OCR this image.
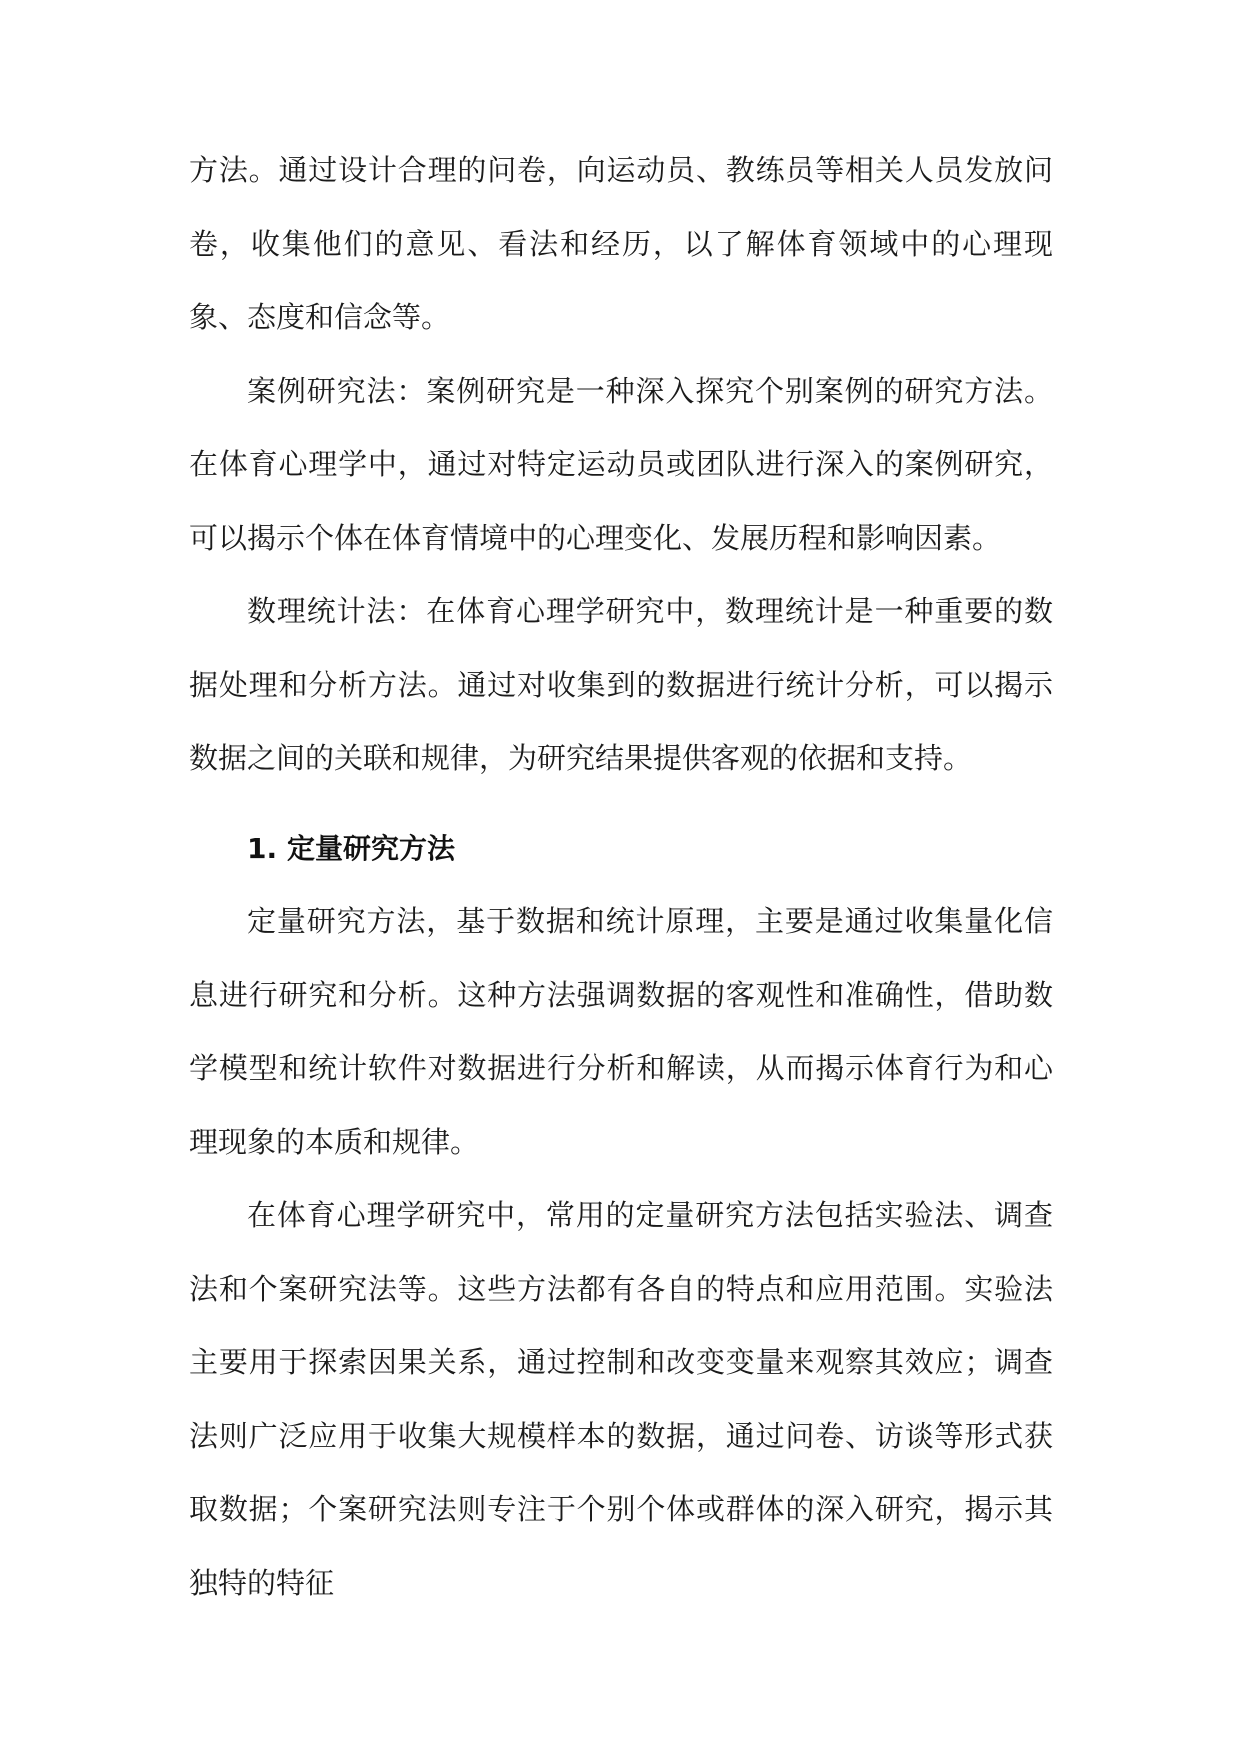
方法。通过设计合理的问卷，向运动员、教练员等相关人员发放问卷，收集他们的意见、看法和经历，以了解体育领域中的心理现象、态度和信念等。

案例研究法：案例研究是一种深入探究个别案例的研究方法。在体育心理学中，通过对特定运动员或团队进行深入的案例研究，可以揭示个体在体育情境中的心理变化、发展历程和影响因素。

数理统计法：在体育心理学研究中，数理统计是一种重要的数据处理和分析方法。通过对收集到的数据进行统计分析，可以揭示数据之间的关联和规律，为研究结果提供客观的依据和支持。

1. 定量研究方法

定量研究方法，基于数据和统计原理，主要是通过收集量化信息进行研究和分析。这种方法强调数据的客观性和准确性，借助数学模型和统计软件对数据进行分析和解读，从而揭示体育行为和心理现象的本质和规律。

在体育心理学研究中，常用的定量研究方法包括实验法、调查法和个案研究法等。这些方法都有各自的特点和应用范围。实验法主要用于探索因果关系，通过控制和改变变量来观察其效应；调查法则广泛应用于收集大规模样本的数据，通过问卷、访谈等形式获取数据；个案研究法则专注于个别个体或群体的深入研究，揭示其独特的特征
